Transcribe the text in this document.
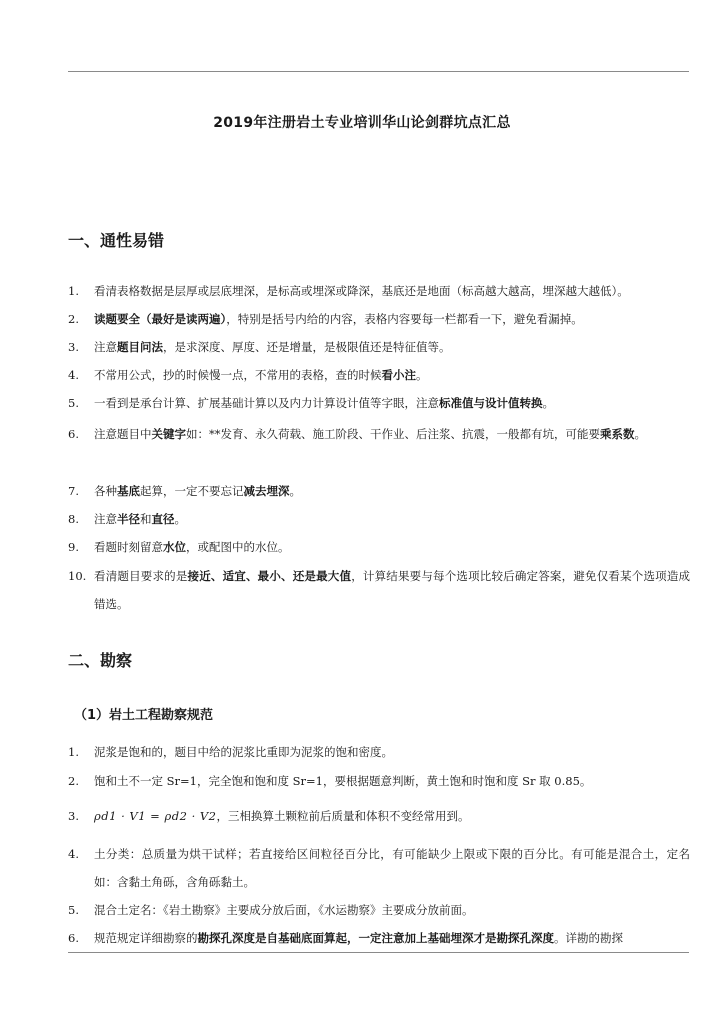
2019年注册岩土专业培训华山论剑群坑点汇总
一、通性易错
1. 看清表格数据是层厚或层底埋深，是标高或埋深或降深，基底还是地面（标高越大越高，埋深越大越低）。
2. 读题要全（最好是读两遍），特别是括号内给的内容，表格内容要每一栏都看一下，避免看漏掉。
3. 注意题目问法，是求深度、厚度、还是增量，是极限值还是特征值等。
4. 不常用公式，抄的时候慢一点，不常用的表格，查的时候看小注。
5. 一看到是承台计算、扩展基础计算以及内力计算设计值等字眼，注意标准值与设计值转换。
6. 注意题目中关键字如：**发育、永久荷载、施工阶段、干作业、后注浆、抗震，一般都有坑，可能要乘系数。
7. 各种基底起算，一定不要忘记减去埋深。
8. 注意半径和直径。
9. 看题时刻留意水位，或配图中的水位。
10. 看清题目要求的是接近、适宜、最小、还是最大值，计算结果要与每个选项比较后确定答案，避免仅看某个选项造成错选。
二、勘察
（1）岩土工程勘察规范
1. 泥浆是饱和的，题目中给的泥浆比重即为泥浆的饱和密度。
2. 饱和土不一定 Sr=1，完全饱和饱和度 Sr=1，要根据题意判断，黄土饱和时饱和度 Sr 取 0.85。
3. ρd1 · V1 = ρd2 · V2，三相换算土颗粒前后质量和体积不变经常用到。
4. 土分类：总质量为烘干试样；若直接给区间粒径百分比，有可能缺少上限或下限的百分比。有可能是混合土，定名如：含黏土角砾，含角砾黏土。
5. 混合土定名：《岩土勘察》主要成分放后面，《水运勘察》主要成分放前面。
6. 规范规定详细勘察的勘探孔深度是自基础底面算起，一定注意加上基础埋深才是勘探孔深度。详勘的勘探
